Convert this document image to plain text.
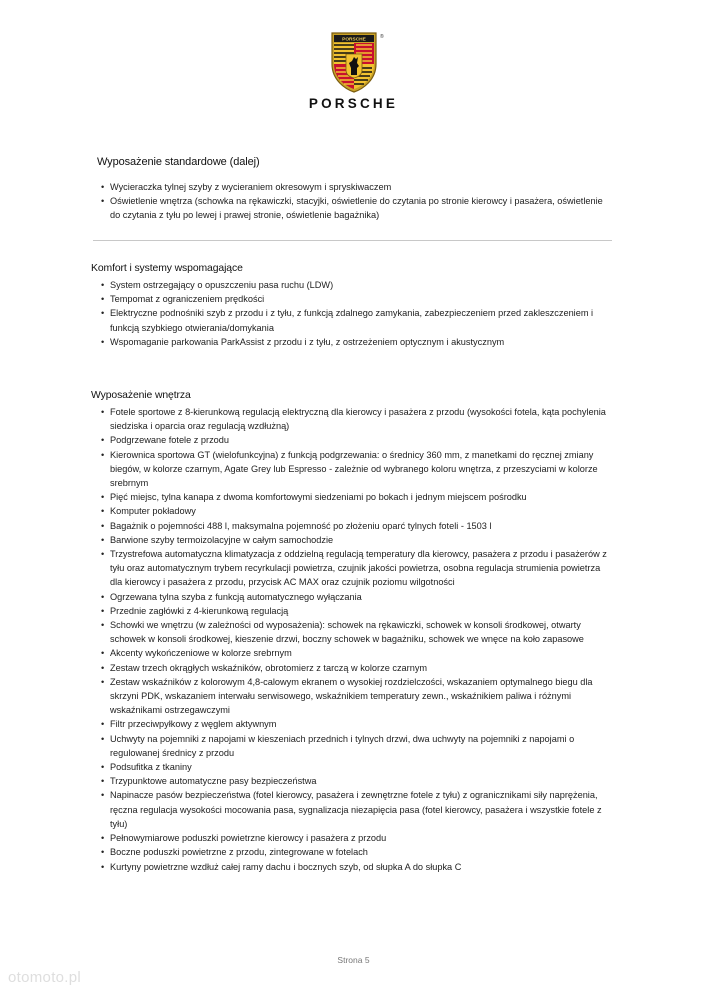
PORSCHE
®
PORSCHE
Wyposażenie standardowe (dalej)
• Wycieraczka tylnej szyby z wycieraniem okresowym i spryskiwaczem
• Oświetlenie wnętrza (schowka na rękawiczki, stacyjki, oświetlenie do czytania po stronie kierowcy i pasażera, oświetlenie do czytania z tyłu po lewej i prawej stronie, oświetlenie bagażnika)
Komfort i systemy wspomagające
• System ostrzegający o opuszczeniu pasa ruchu (LDW)
• Tempomat z ograniczeniem prędkości
• Elektryczne podnośniki szyb z przodu i z tyłu, z funkcją zdalnego zamykania, zabezpieczeniem przed zakleszczeniem i funkcją szybkiego otwierania/domykania
• Wspomaganie parkowania ParkAssist z przodu i z tyłu, z ostrzeżeniem optycznym i akustycznym
Wyposażenie wnętrza
• Fotele sportowe z 8-kierunkową regulacją elektryczną dla kierowcy i pasażera z przodu (wysokości fotela, kąta pochylenia siedziska i oparcia oraz regulacją wzdłużną)
• Podgrzewane fotele z przodu
• Kierownica sportowa GT (wielofunkcyjna) z funkcją podgrzewania: o średnicy 360 mm, z manetkami do ręcznej zmiany biegów, w kolorze czarnym, Agate Grey lub Espresso - zależnie od wybranego koloru wnętrza, z przeszyciami w kolorze srebrnym
• Pięć miejsc, tylna kanapa z dwoma komfortowymi siedzeniami po bokach i jednym miejscem pośrodku
• Komputer pokładowy
• Bagażnik o pojemności 488 l, maksymalna pojemność po złożeniu oparć tylnych foteli - 1503 l
• Barwione szyby termoizolacyjne w całym samochodzie
• Trzystrefowa automatyczna klimatyzacja z oddzielną regulacją temperatury dla kierowcy, pasażera z przodu i pasażerów z tyłu oraz automatycznym trybem recyrkulacji powietrza, czujnik jakości powietrza, osobna regulacja strumienia powietrza dla kierowcy i pasażera z przodu, przycisk AC MAX oraz czujnik poziomu wilgotności
• Ogrzewana tylna szyba z funkcją automatycznego wyłączania
• Przednie zagłówki z 4-kierunkową regulacją
• Schowki we wnętrzu (w zależności od wyposażenia): schowek na rękawiczki, schowek w konsoli środkowej, otwarty schowek w konsoli środkowej, kieszenie drzwi, boczny schowek w bagażniku, schowek we wnęce na koło zapasowe
• Akcenty wykończeniowe w kolorze srebrnym
• Zestaw trzech okrągłych wskaźników, obrotomierz z tarczą w kolorze czarnym
• Zestaw wskaźników z kolorowym 4,8-calowym ekranem o wysokiej rozdzielczości, wskazaniem optymalnego biegu dla skrzyni PDK, wskazaniem interwału serwisowego, wskaźnikiem temperatury zewn., wskaźnikiem paliwa i różnymi wskaźnikami ostrzegawczymi
• Filtr przeciwpyłkowy z węglem aktywnym
• Uchwyty na pojemniki z napojami w kieszeniach przednich i tylnych drzwi, dwa uchwyty na pojemniki z napojami o regulowanej średnicy z przodu
• Podsufitka z tkaniny
• Trzypunktowe automatyczne pasy bezpieczeństwa
• Napinacze pasów bezpieczeństwa (fotel kierowcy, pasażera i zewnętrzne fotele z tyłu) z ogranicznikami siły naprężenia, ręczna regulacja wysokości mocowania pasa, sygnalizacja niezapięcia pasa (fotel kierowcy, pasażera i wszystkie fotele z tyłu)
• Pełnowymiarowe poduszki powietrzne kierowcy i pasażera z przodu
• Boczne poduszki powietrzne z przodu, zintegrowane w fotelach
• Kurtyny powietrzne wzdłuż całej ramy dachu i bocznych szyb, od słupka A do słupka C
Strona 5
otomoto.pl
